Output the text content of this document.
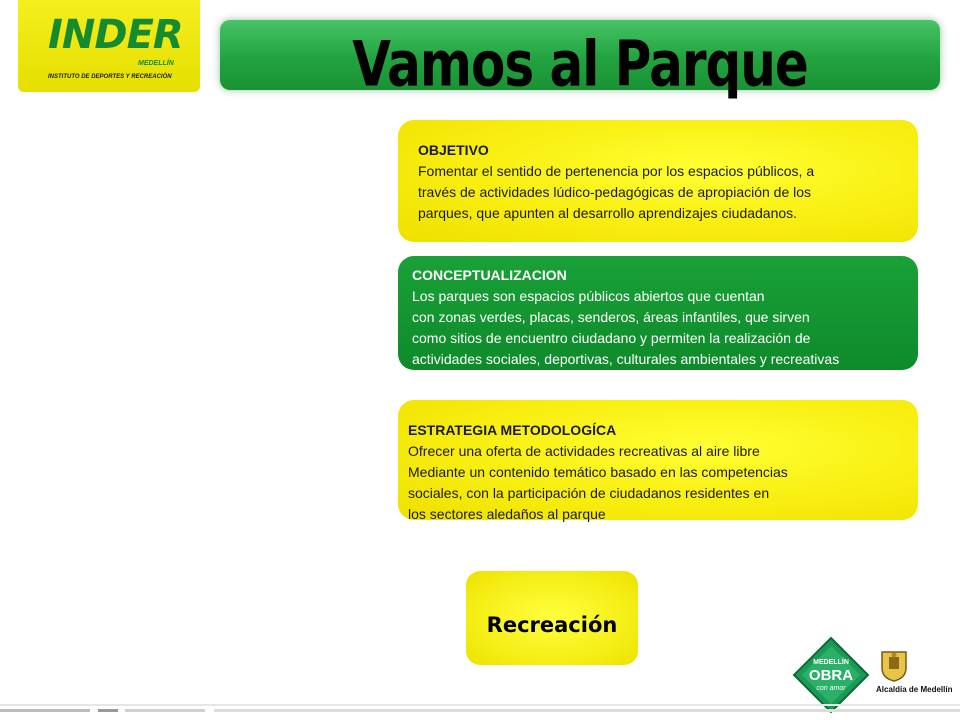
INDER
MEDELLÍN
INSTITUTO DE DEPORTES Y RECREACIÓN	Vamos al Parque
OBJETIVO
Fomentar el sentido de pertenencia por los espacios públicos, a
través de actividades lúdico-pedagógicas de apropiación de los
parques, que apunten al desarrollo aprendizajes ciudadanos.
CONCEPTUALIZACION
Los parques son espacios públicos abiertos que cuentan
con zonas verdes, placas, senderos, áreas infantiles, que sirven
como sitios de encuentro ciudadano y permiten la realización de
actividades sociales, deportivas, culturales ambientales y recreativas
ESTRATEGIA METODOLOGÍCA
Ofrecer una oferta de actividades recreativas al aire libre
Mediante un contenido temático basado en las competencias
sociales, con la participación de ciudadanos residentes en
los sectores aledaños al parque
Recreación
MEDELLÍN
OBRA
con amor	Alcaldía de Medellín
